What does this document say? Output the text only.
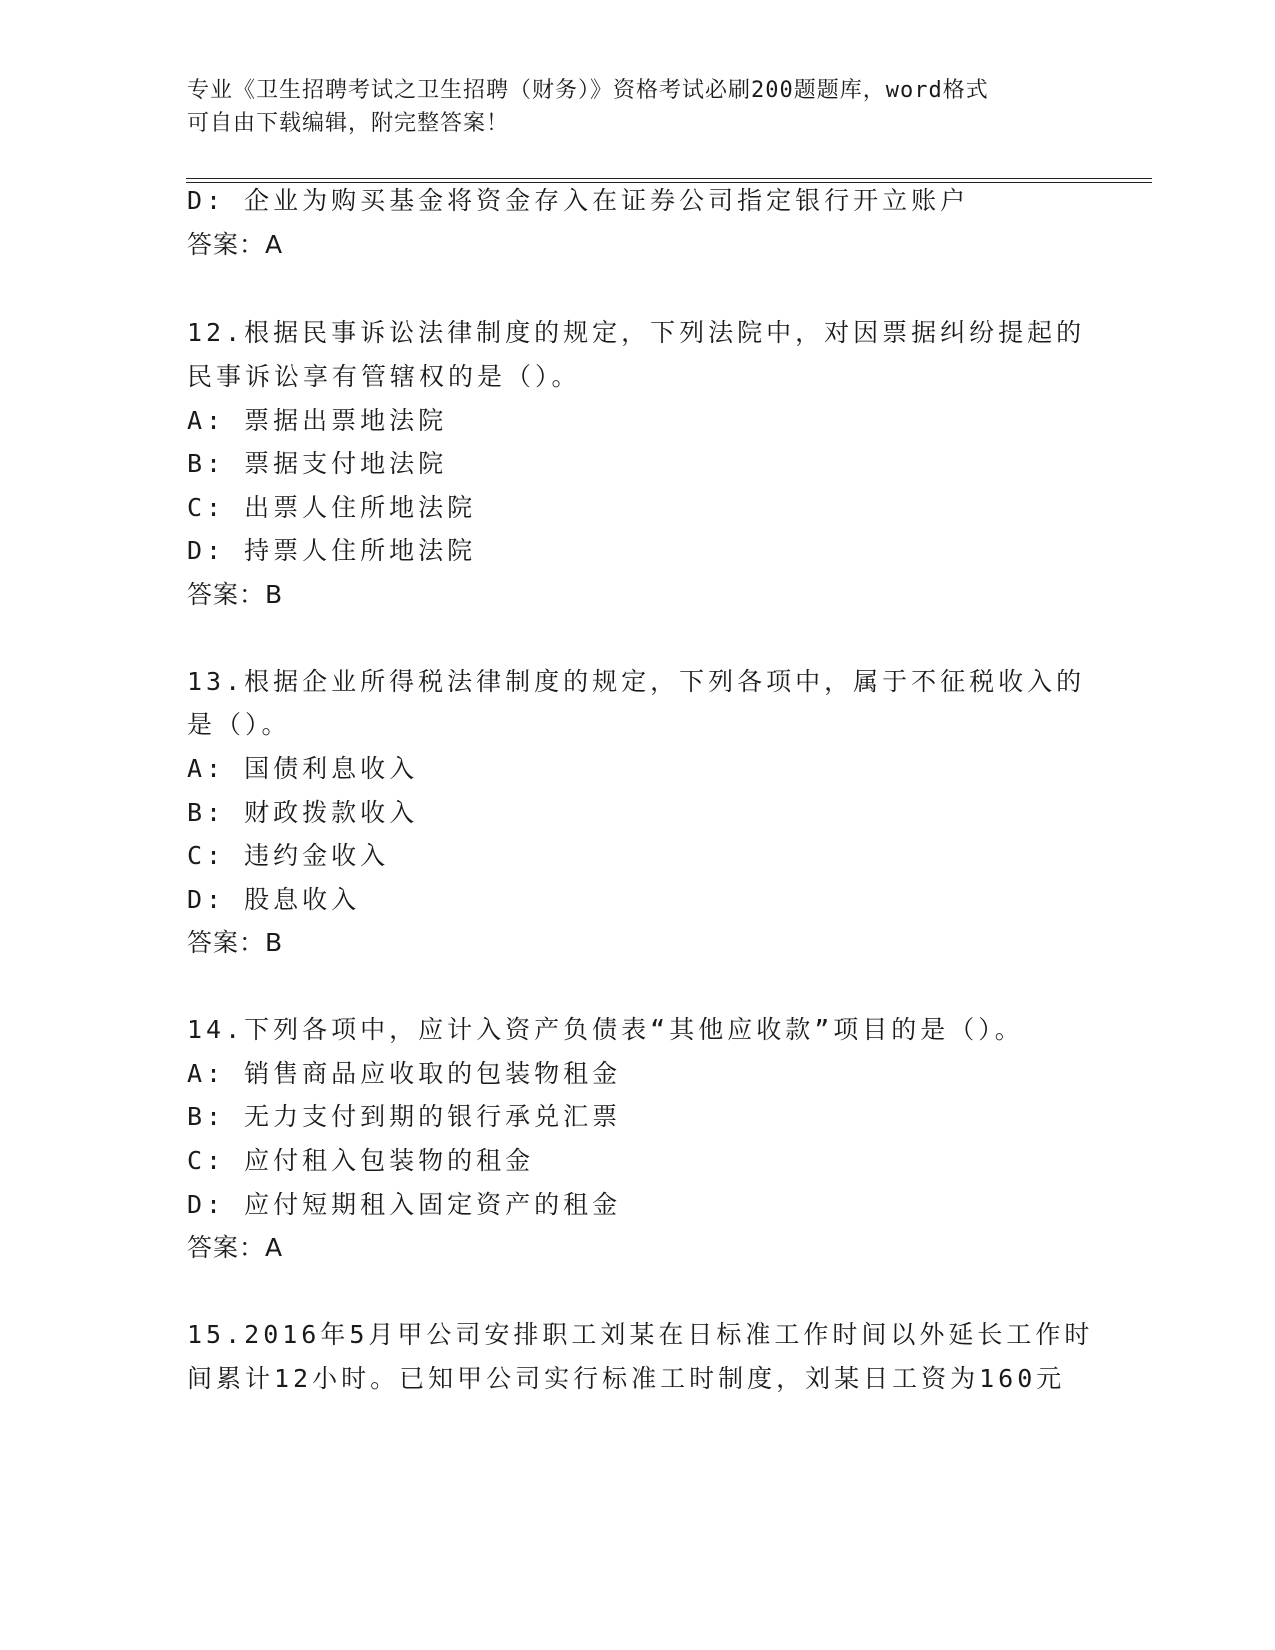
专业《卫生招聘考试之卫生招聘（财务）》资格考试必刷200题题库，word格式
可自由下载编辑，附完整答案！
D: 企业为购买基金将资金存入在证券公司指定银行开立账户
答案：A
12.根据民事诉讼法律制度的规定，下列法院中，对因票据纠纷提起的
民事诉讼享有管辖权的是（）。
A: 票据出票地法院
B: 票据支付地法院
C: 出票人住所地法院
D: 持票人住所地法院
答案：B
13.根据企业所得税法律制度的规定，下列各项中，属于不征税收入的
是（）。
A: 国债利息收入
B: 财政拨款收入
C: 违约金收入
D: 股息收入
答案：B
14.下列各项中，应计入资产负债表“其他应收款”项目的是（）。
A: 销售商品应收取的包装物租金
B: 无力支付到期的银行承兑汇票
C: 应付租入包装物的租金
D: 应付短期租入固定资产的租金
答案：A
15.2016年5月甲公司安排职工刘某在日标准工作时间以外延长工作时
间累计12小时。已知甲公司实行标准工时制度，刘某日工资为160元
